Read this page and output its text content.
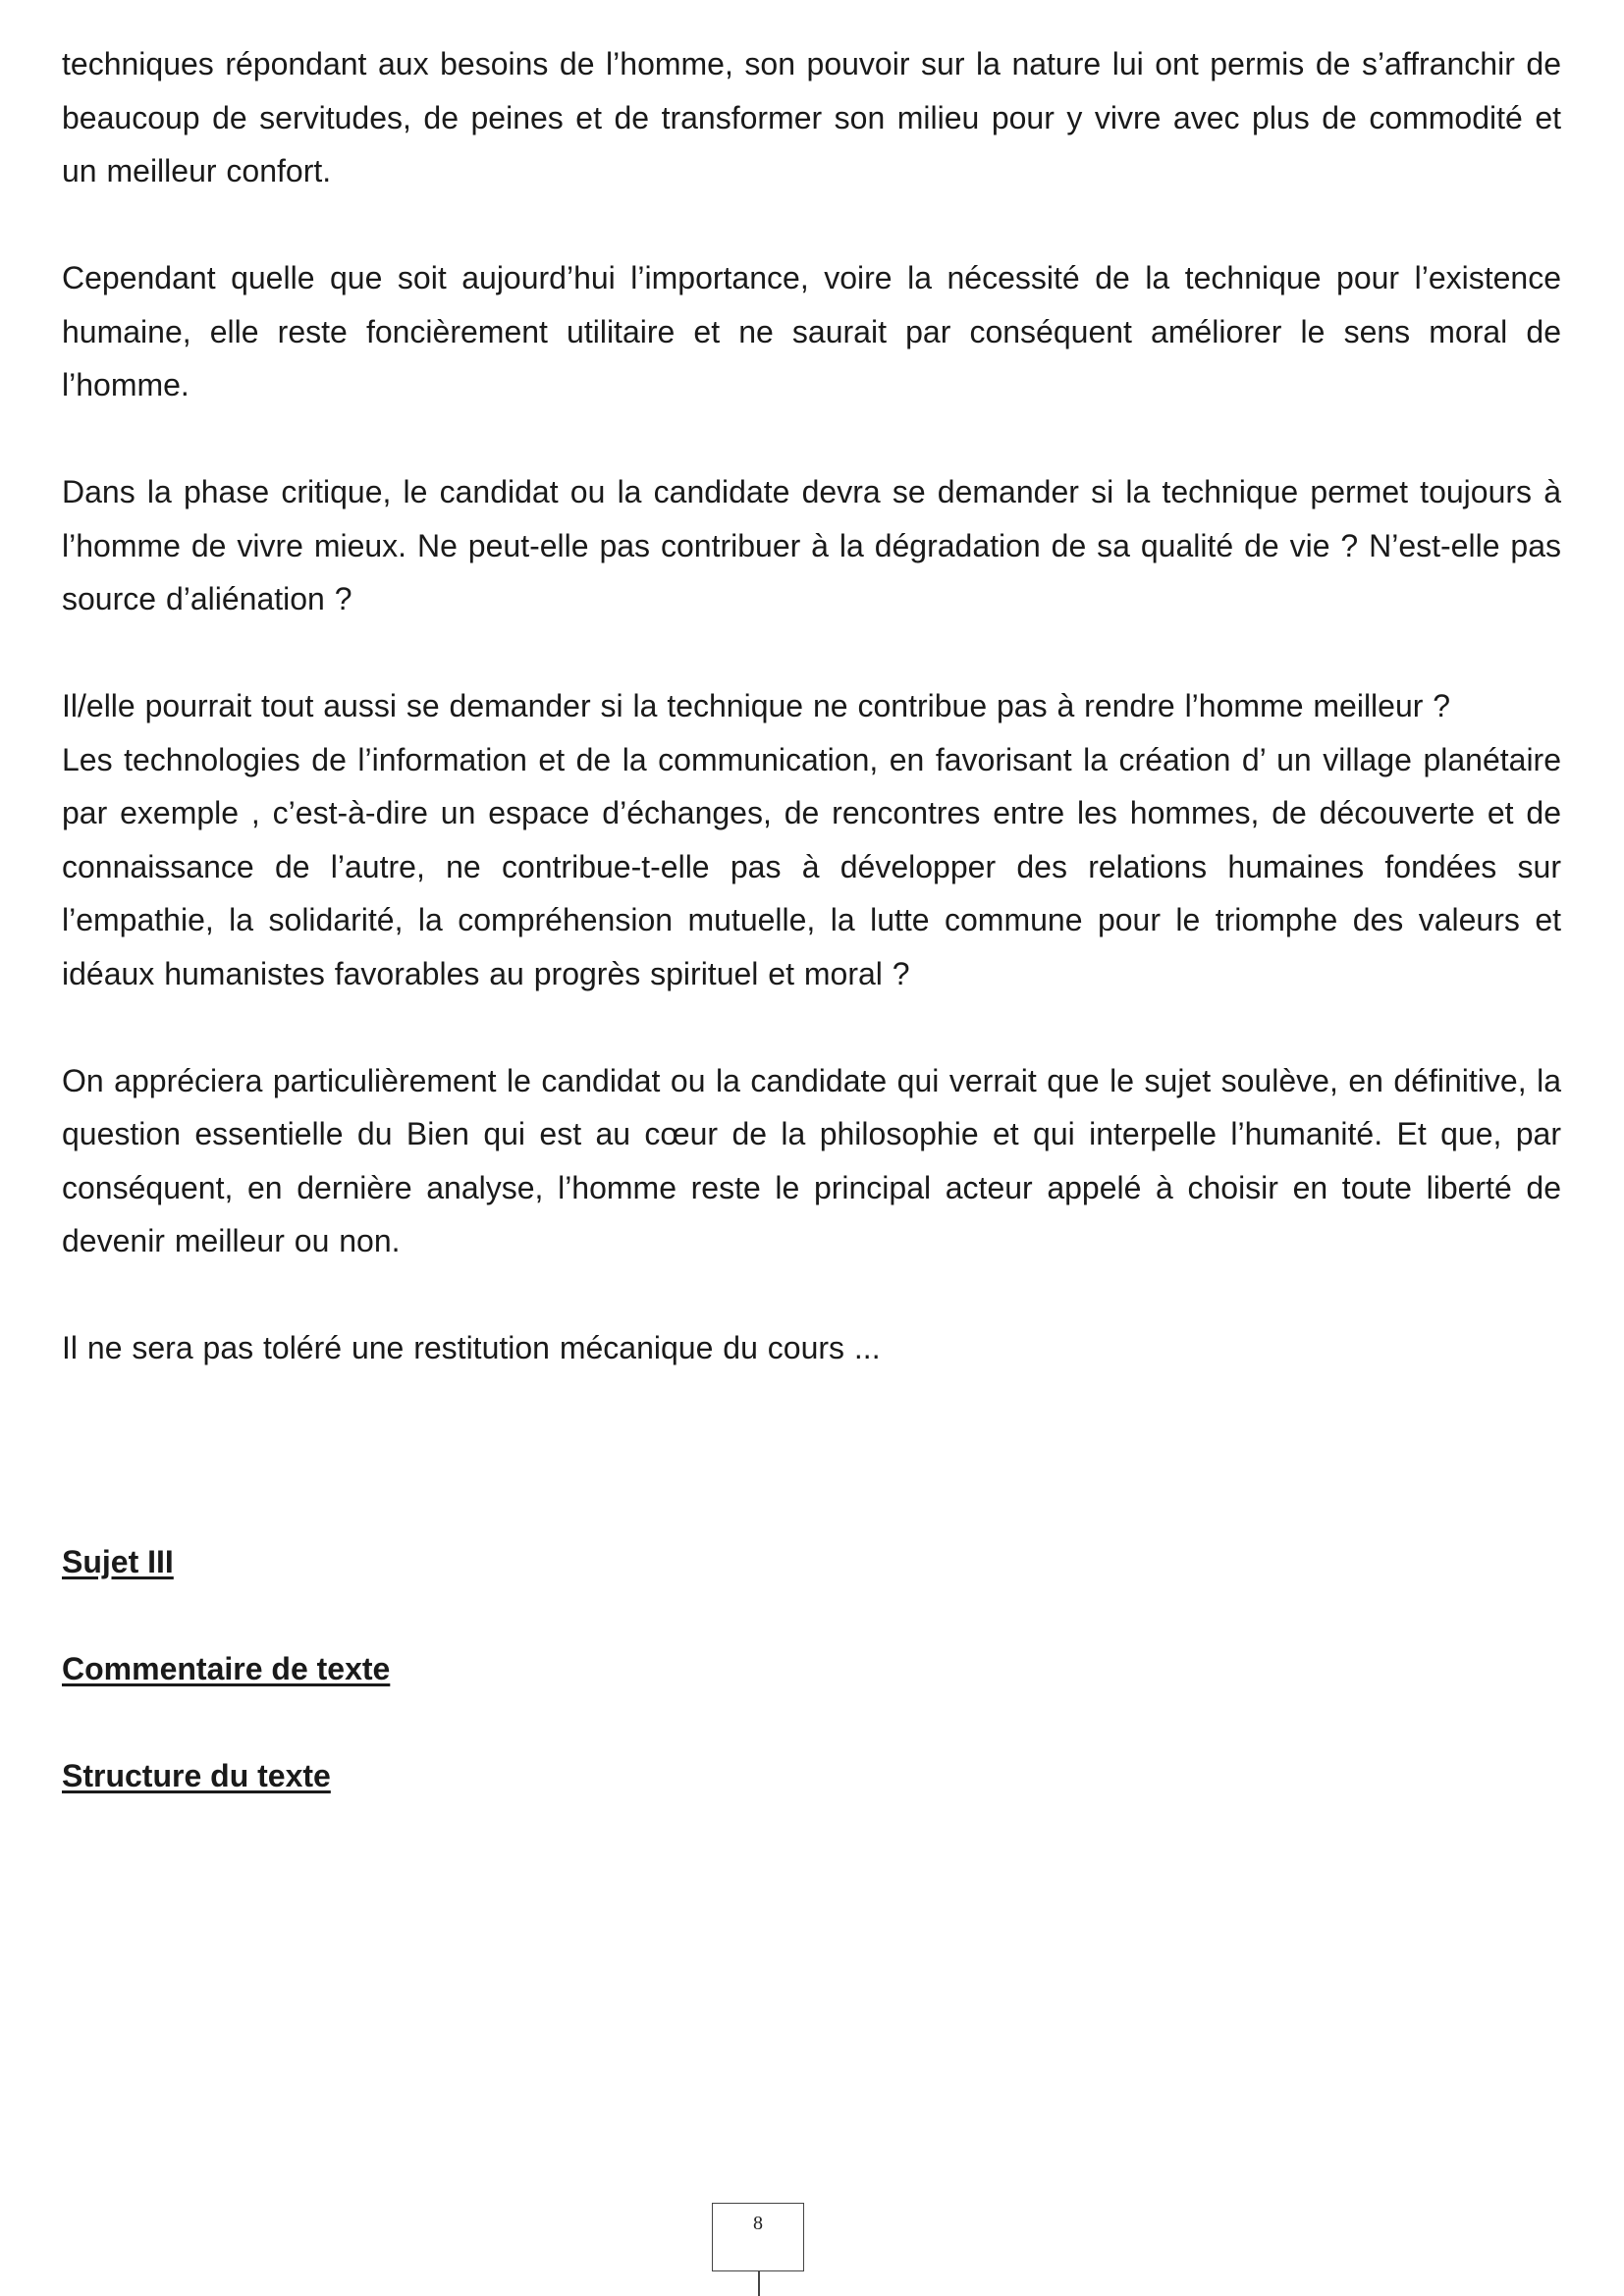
techniques répondant aux besoins de l’homme, son pouvoir sur la nature lui ont permis de s’affranchir de beaucoup de servitudes, de peines et de transformer son milieu pour y vivre avec plus de commodité et un meilleur confort.

Cependant quelle que soit aujourd’hui l’importance, voire la nécessité de la technique pour l’existence humaine, elle reste foncièrement utilitaire et ne saurait par conséquent améliorer le sens moral de l’homme.

Dans la phase critique, le candidat ou la candidate devra se demander si la technique permet toujours à l’homme de vivre mieux. Ne peut-elle pas contribuer à la dégradation de sa qualité de vie ? N’est-elle pas source d’aliénation ?

Il/elle pourrait tout aussi se demander si la technique ne contribue pas à rendre l’homme meilleur ?

Les technologies de l’information et de la communication, en favorisant la création d’ un village planétaire par exemple , c’est-à-dire un espace d’échanges, de rencontres entre les hommes, de découverte et de connaissance de l’autre, ne contribue-t-elle pas à développer des relations humaines fondées sur l’empathie, la solidarité, la compréhension mutuelle, la lutte commune pour le triomphe des valeurs et idéaux humanistes favorables au progrès spirituel et moral ?

On appréciera particulièrement le candidat ou la candidate qui verrait que le sujet soulève, en définitive, la question essentielle du Bien qui est au cœur de la philosophie et qui interpelle l’humanité. Et que, par conséquent, en dernière analyse, l’homme reste le principal acteur appelé à choisir en toute liberté de devenir meilleur ou non.

Il ne sera pas toléré une restitution mécanique du cours ...

Sujet III

Commentaire de texte

Structure du texte

8
